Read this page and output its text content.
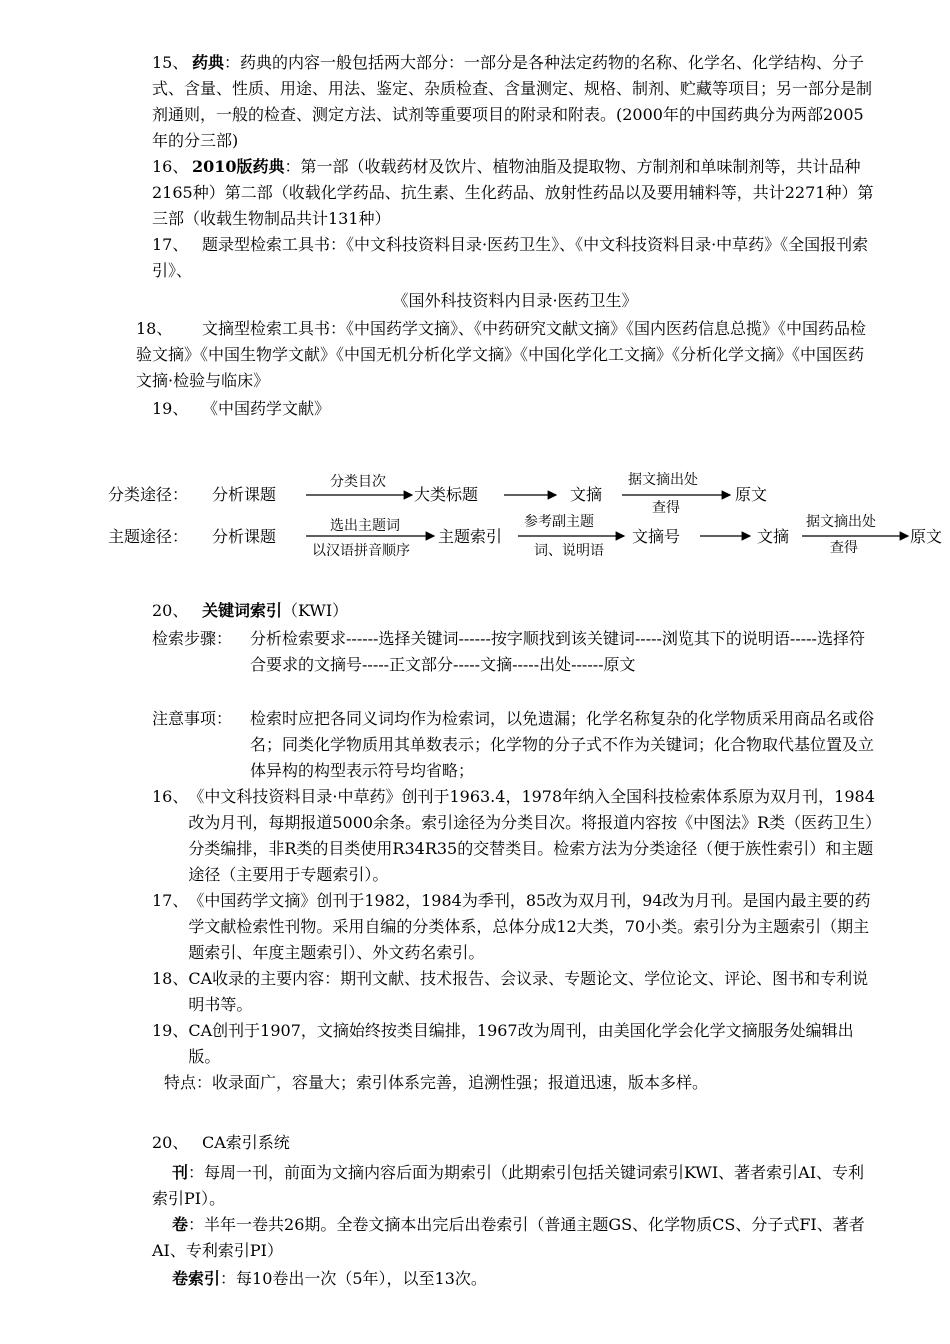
15、 药典：药典的内容一般包括两大部分：一部分是各种法定药物的名称、化学名、化学结构、分子式、含量、性质、用途、用法、鉴定、杂质检查、含量测定、规格、制剂、贮藏等项目；另一部分是制剂通则，一般的检查、测定方法、试剂等重要项目的附录和附表。(2000年的中国药典分为两部2005年的分三部)
16、 2010版药典：第一部（收载药材及饮片、植物油脂及提取物、方制剂和单味制剂等，共计品种2165种）第二部（收载化学药品、抗生素、生化药品、放射性药品以及要用辅料等，共计2271种）第三部（收载生物制品共计131种）
17、 题录型检索工具书：《中文科技资料目录·医药卫生》、《中文科技资料目录·中草药》《全国报刊索引》、
《国外科技资料内目录·医药卫生》
18、 文摘型检索工具书：《中国药学文摘》、《中药研究文献文摘》《国内医药信息总揽》《中国药品检验文摘》《中国生物学文献》《中国无机分析化学文摘》《中国化学化工文摘》《分析化学文摘》《中国医药文摘·检验与临床》
19、 《中国药学文献》
分类途径： 分析课题
分类目次
大类标题	文摘
据文摘出处
查得
原文
主题途径： 分析课题
选出主题词
以汉语拼音顺序
主题索引
参考副主题
词、说明语
文摘号	文摘
据文摘出处
查得
原文
20、 关键词索引（KWI）
检索步骤：	分析检索要求------选择关键词------按字顺找到该关键词-----浏览其下的说明语-----选择符合要求的文摘号-----正文部分-----文摘-----出处------原文
注意事项：	检索时应把各同义词均作为检索词，以免遗漏；化学名称复杂的化学物质采用商品名或俗名；同类化学物质用其单数表示；化学物的分子式不作为关键词；化合物取代基位置及立体异构的构型表示符号均省略；
16、 《中文科技资料目录·中草药》创刊于1963.4，1978年纳入全国科技检索体系原为双月刊，1984改为月刊，每期报道5000余条。索引途径为分类目次。将报道内容按《中图法》R类（医药卫生）分类编排，非R类的目类使用R34R35的交替类目。检索方法为分类途径（便于族性索引）和主题途径（主要用于专题索引）。
17、 《中国药学文摘》创刊于1982，1984为季刊，85改为双月刊，94改为月刊。是国内最主要的药学文献检索性刊物。采用自编的分类体系，总体分成12大类，70小类。索引分为主题索引（期主题索引、年度主题索引）、外文药名索引。
18、 CA收录的主要内容：期刊文献、技术报告、会议录、专题论文、学位论文、评论、图书和专利说明书等。
19、 CA创刊于1907，文摘始终按类目编排，1967改为周刊，由美国化学会化学文摘服务处编辑出版。
特点：收录面广，容量大；索引体系完善，追溯性强；报道迅速，版本多样。
20、 CA索引系统
刊：每周一刊，前面为文摘内容后面为期索引（此期索引包括关键词索引KWI、著者索引AI、专利索引PI）。
卷：半年一卷共26期。全卷文摘本出完后出卷索引（普通主题GS、化学物质CS、分子式FI、著者AI、专利索引PI）
卷索引：每10卷出一次（5年），以至13次。
